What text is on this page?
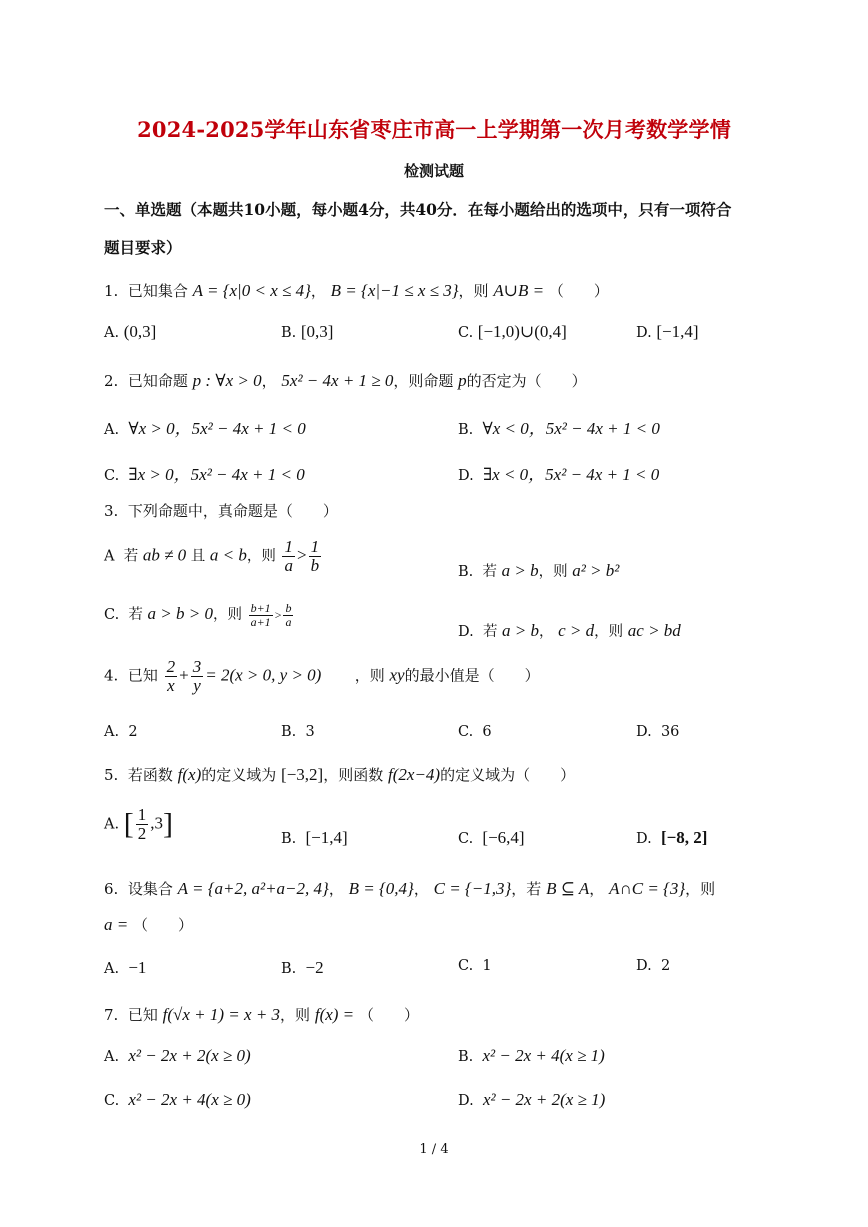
2024-2025学年山东省枣庄市高一上学期第一次月考数学学情
检测试题
一、单选题（本题共10小题，每小题4分，共40分．在每小题给出的选项中，只有一项符合
题目要求）
1. 已知集合 A = {x|0 < x ≤ 4}， B = {x|−1 ≤ x ≤ 3}，则 A∪B = （　　）
A. (0,3]	B. [0,3]	C. [−1,0)∪(0,4]	D. [−1,4]
2. 已知命题 p : ∀x > 0， 5x² − 4x + 1 ≥ 0，则命题 p的否定为（　　）
A. ∀x > 0，5x² − 4x + 1 < 0	B. ∀x < 0，5x² − 4x + 1 < 0
C. ∃x > 0，5x² − 4x + 1 < 0	D. ∃x < 0，5x² − 4x + 1 < 0
3. 下列命题中，真命题是（　　）
A 若 ab ≠ 0 且 a < b，则 $\frac{1}{a} > \frac{1}{b}$	B. 若 a > b，则 a² > b²
C. 若 a > b > 0，则 $\frac{b+1}{a+1} > \frac{b}{a}$
D. 若 a > b， c > d，则 ac > bd
4. 已知 $\frac{2}{x} + \frac{3}{y} = 2(x > 0$, y > 0) ，则 xy的最小值是（　　）
A. 2	B. 3	C. 6	D. 36
5. 若函数 f(x)的定义域为 [−3,2]，则函数 f(2x−4)的定义域为（　　）
A. [ $\frac{1}{2} ,3$]	B. [−1,4]	C. [−6,4]	D. [−8, 2]
6. 设集合 A = {a+2, a²+a−2, 4}， B = {0,4}， C = {−1,3}，若 B ⊆ A， A∩C = {3}，则
a = （　　）
A. −1	B. −2	C. 1	D. 2
7. 已知 f(√x + 1) = x + 3，则 f(x) = （　　）
A. x² − 2x + 2(x ≥ 0)	B. x² − 2x + 4(x ≥ 1)
C. x² − 2x + 4(x ≥ 0)	D. x² − 2x + 2(x ≥ 1)
1 / 4
